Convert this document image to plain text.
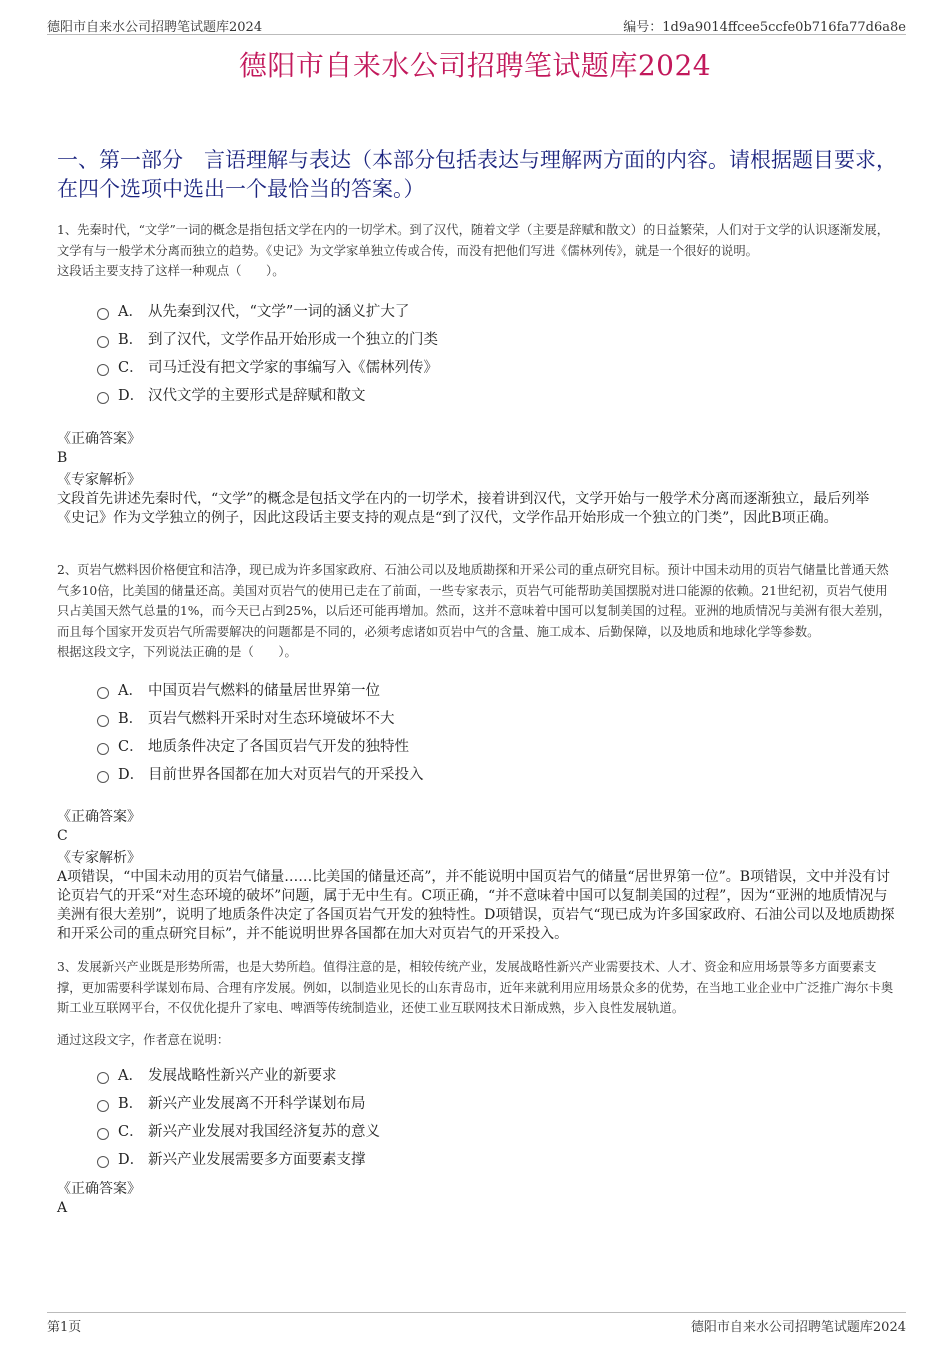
德阳市自来水公司招聘笔试题库2024	编号：1d9a9014ffcee5ccfe0b716fa77d6a8e
德阳市自来水公司招聘笔试题库2024
一、第一部分　言语理解与表达（本部分包括表达与理解两方面的内容。请根据题目要求，在四个选项中选出一个最恰当的答案。）

1、先秦时代，“文学”一词的概念是指包括文学在内的一切学术。到了汉代，随着文学（主要是辞赋和散文）的日益繁荣，人们对于文学的认识逐渐发展，文学有与一般学术分离而独立的趋势。《史记》为文学家单独立传或合传，而没有把他们写进《儒林列传》，就是一个很好的说明。

这段话主要支持了这样一种观点（　　）。

A． 从先秦到汉代，“文学”一词的涵义扩大了
B． 到了汉代，文学作品开始形成一个独立的门类
C． 司马迁没有把文学家的事编写入《儒林列传》
D． 汉代文学的主要形式是辞赋和散文
《正确答案》
B
《专家解析》
文段首先讲述先秦时代，“文学”的概念是包括文学在内的一切学术，接着讲到汉代，文学开始与一般学术分离而逐渐独立，最后列举《史记》作为文学独立的例子，因此这段话主要支持的观点是“到了汉代，文学作品开始形成一个独立的门类”，因此B项正确。

2、页岩气燃料因价格便宜和洁净，现已成为许多国家政府、石油公司以及地质勘探和开采公司的重点研究目标。预计中国未动用的页岩气储量比普通天然气多10倍，比美国的储量还高。美国对页岩气的使用已走在了前面，一些专家表示，页岩气可能帮助美国摆脱对进口能源的依赖。21世纪初，页岩气使用只占美国天然气总量的1%，而今天已占到25%，以后还可能再增加。然而，这并不意味着中国可以复制美国的过程。亚洲的地质情况与美洲有很大差别，而且每个国家开发页岩气所需要解决的问题都是不同的，必须考虑诸如页岩中气的含量、施工成本、后勤保障，以及地质和地球化学等参数。

根据这段文字，下列说法正确的是（　　）。

A． 中国页岩气燃料的储量居世界第一位
B． 页岩气燃料开采时对生态环境破坏不大
C． 地质条件决定了各国页岩气开发的独特性
D． 目前世界各国都在加大对页岩气的开采投入
《正确答案》
C
《专家解析》
A项错误，“中国未动用的页岩气储量……比美国的储量还高”，并不能说明中国页岩气的储量“居世界第一位”。B项错误，文中并没有讨论页岩气的开采“对生态环境的破坏”问题，属于无中生有。C项正确，“并不意味着中国可以复制美国的过程”，因为“亚洲的地质情况与美洲有很大差别”，说明了地质条件决定了各国页岩气开发的独特性。D项错误，页岩气“现已成为许多国家政府、石油公司以及地质勘探和开采公司的重点研究目标”，并不能说明世界各国都在加大对页岩气的开采投入。

3、发展新兴产业既是形势所需，也是大势所趋。值得注意的是，相较传统产业，发展战略性新兴产业需要技术、人才、资金和应用场景等多方面要素支撑，更加需要科学谋划布局、合理有序发展。例如，以制造业见长的山东青岛市，近年来就利用应用场景众多的优势，在当地工业企业中广泛推广海尔卡奥斯工业互联网平台，不仅优化提升了家电、啤酒等传统制造业，还使工业互联网技术日渐成熟，步入良性发展轨道。

通过这段文字，作者意在说明：

A． 发展战略性新兴产业的新要求
B． 新兴产业发展离不开科学谋划布局
C． 新兴产业发展对我国经济复苏的意义
D． 新兴产业发展需要多方面要素支撑
《正确答案》
A
第1页	德阳市自来水公司招聘笔试题库2024
